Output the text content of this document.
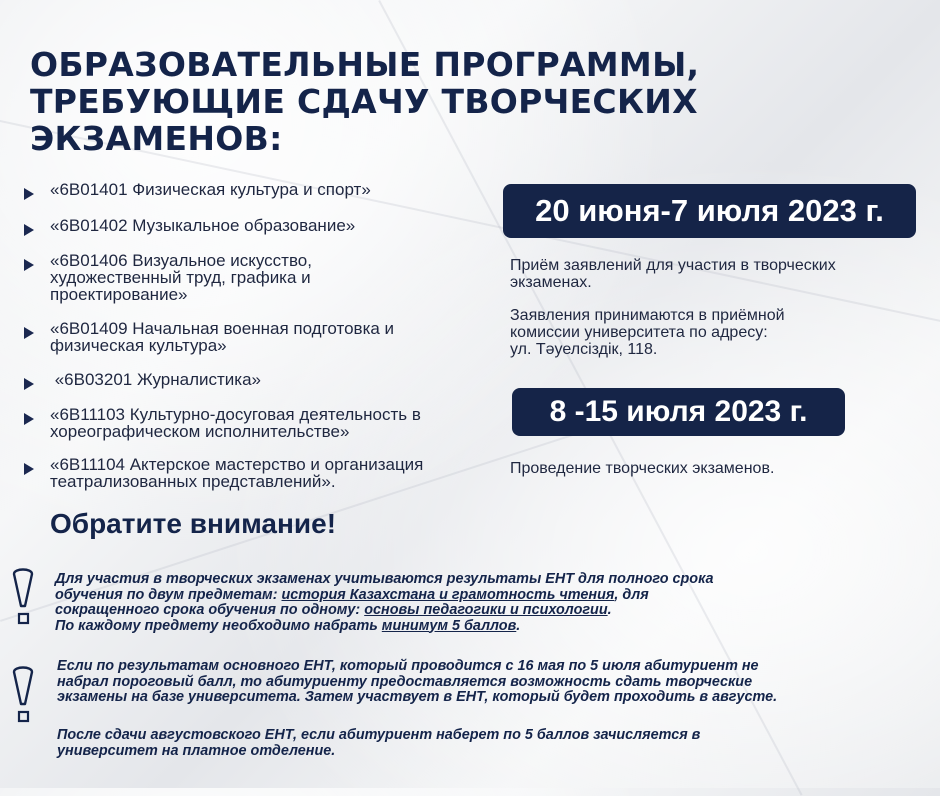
ОБРАЗОВАТЕЛЬНЫЕ ПРОГРАММЫ,
ТРЕБУЮЩИЕ СДАЧУ ТВОРЧЕСКИХ
ЭКЗАМЕНОВ:
«6В01401 Физическая культура и спорт»
«6В01402 Музыкальное образование»
«6В01406 Визуальное искусство,
художественный труд, графика и
проектирование»
«6В01409 Начальная военная подготовка и
физическая культура»
«6В03201 Журналистика»
«6В11103 Культурно-досуговая деятельность в
хореографическом исполнительстве»
«6В11104 Актерское мастерство и организация
театрализованных представлений».
20 июня-7 июля 2023 г.
Приём заявлений для участия в творческих
экзаменах.
Заявления принимаются в приёмной
комиссии университета по адресу:
ул. Тәуелсіздік, 118.
8 -15 июля 2023 г.
Проведение творческих экзаменов.
Обратите внимание!
Для участия в творческих экзаменах учитываются результаты ЕНТ для полного срока
обучения по двум предметам: история Казахстана и грамотность чтения, для
сокращенного срока обучения по одному: основы педагогики и психологии.
По каждому предмету необходимо набрать минимум 5 баллов.
Если по результатам основного ЕНТ, который проводится с 16 мая по 5 июля абитуриент не
набрал пороговый балл, то абитуриенту предоставляется возможность сдать творческие
экзамены на базе университета. Затем участвует в ЕНТ, который будет проходить в августе.
После сдачи августовского ЕНТ, если абитуриент наберет по 5 баллов зачисляется в
университет на платное отделение.
